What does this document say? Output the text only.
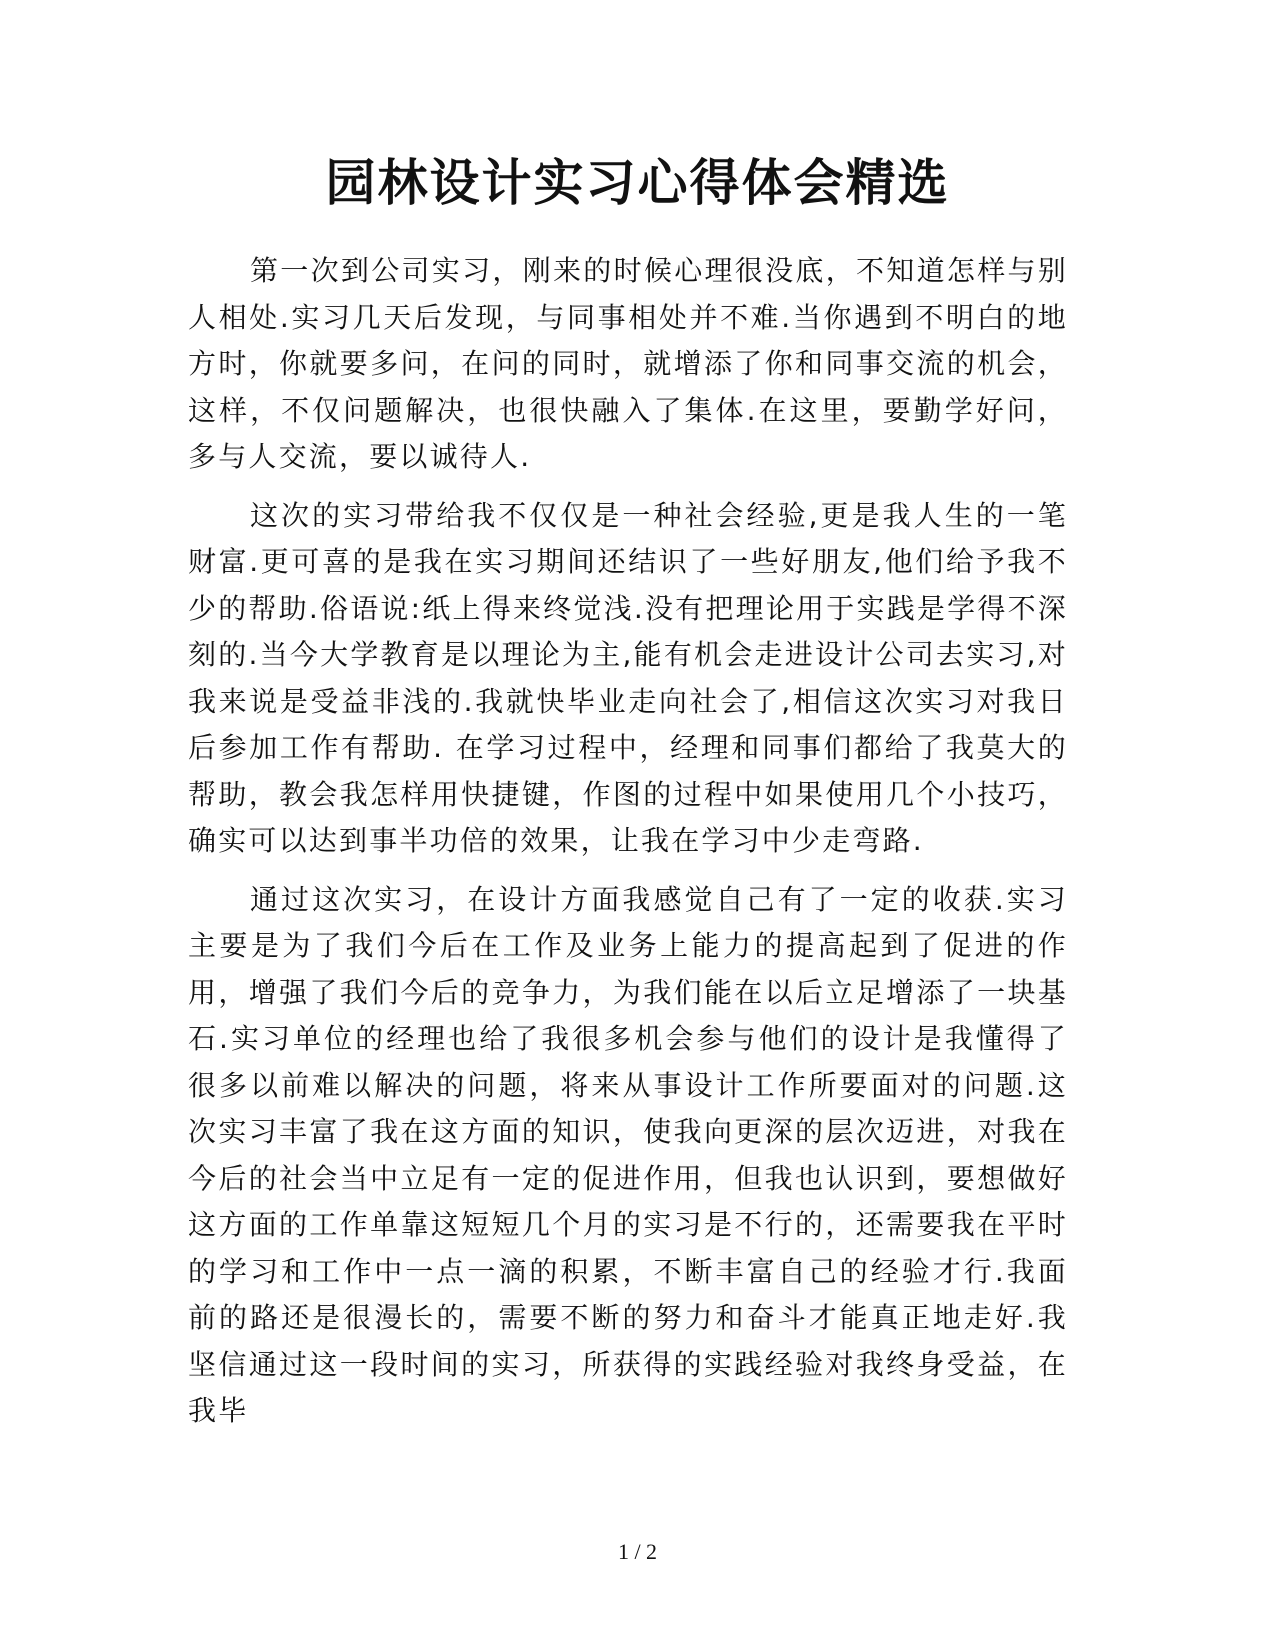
园林设计实习心得体会精选

第一次到公司实习，刚来的时候心理很没底，不知道怎样与别人相处.实习几天后发现，与同事相处并不难.当你遇到不明白的地方时，你就要多问，在问的同时，就增添了你和同事交流的机会，这样，不仅问题解决，也很快融入了集体.在这里，要勤学好问，多与人交流，要以诚待人.

这次的实习带给我不仅仅是一种社会经验,更是我人生的一笔财富.更可喜的是我在实习期间还结识了一些好朋友,他们给予我不少的帮助.俗语说:纸上得来终觉浅.没有把理论用于实践是学得不深刻的.当今大学教育是以理论为主,能有机会走进设计公司去实习,对我来说是受益非浅的.我就快毕业走向社会了,相信这次实习对我日后参加工作有帮助. 在学习过程中，经理和同事们都给了我莫大的帮助，教会我怎样用快捷键，作图的过程中如果使用几个小技巧，确实可以达到事半功倍的效果，让我在学习中少走弯路.

通过这次实习，在设计方面我感觉自己有了一定的收获.实习主要是为了我们今后在工作及业务上能力的提高起到了促进的作用，增强了我们今后的竞争力，为我们能在以后立足增添了一块基石.实习单位的经理也给了我很多机会参与他们的设计是我懂得了很多以前难以解决的问题，将来从事设计工作所要面对的问题.这次实习丰富了我在这方面的知识，使我向更深的层次迈进，对我在今后的社会当中立足有一定的促进作用，但我也认识到，要想做好这方面的工作单靠这短短几个月的实习是不行的，还需要我在平时的学习和工作中一点一滴的积累，不断丰富自己的经验才行.我面前的路还是很漫长的，需要不断的努力和奋斗才能真正地走好.我坚信通过这一段时间的实习，所获得的实践经验对我终身受益，在我毕

1 / 2
